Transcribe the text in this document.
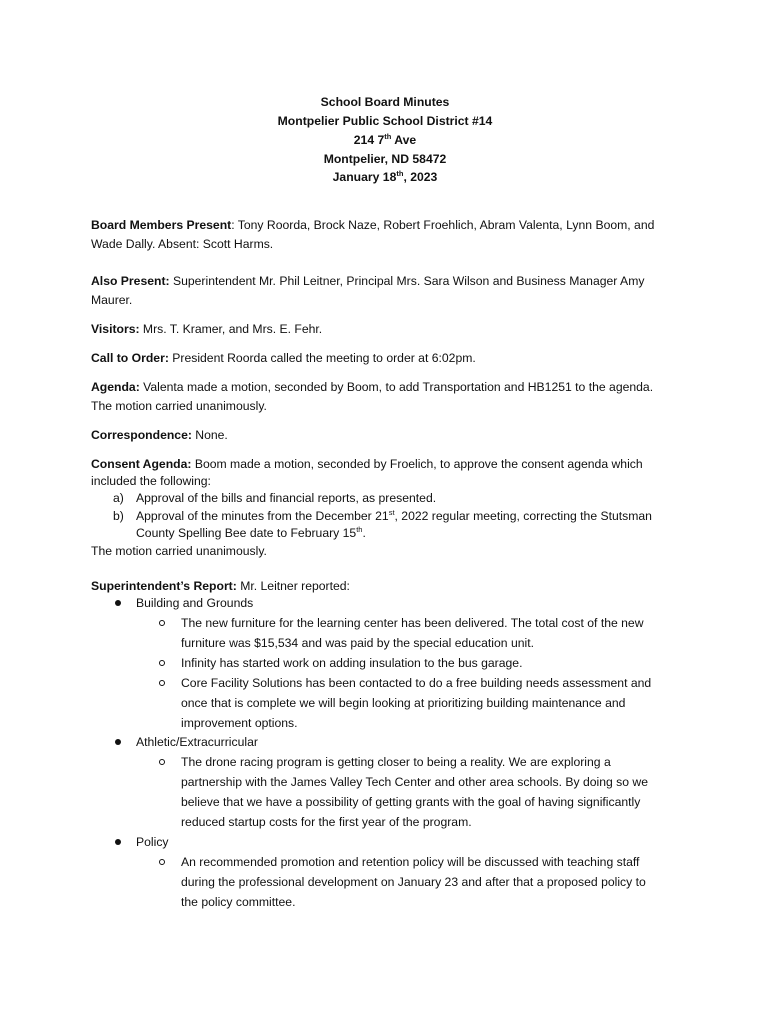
School Board Minutes
Montpelier Public School District #14
214 7th Ave
Montpelier, ND 58472
January 18th, 2023
Board Members Present: Tony Roorda, Brock Naze, Robert Froehlich, Abram Valenta, Lynn Boom, and
Wade Dally. Absent: Scott Harms.
Also Present: Superintendent Mr. Phil Leitner, Principal Mrs. Sara Wilson and Business Manager Amy
Maurer.
Visitors: Mrs. T. Kramer, and Mrs. E. Fehr.
Call to Order: President Roorda called the meeting to order at 6:02pm.
Agenda: Valenta made a motion, seconded by Boom, to add Transportation and HB1251 to the agenda.
The motion carried unanimously.
Correspondence: None.
Consent Agenda: Boom made a motion, seconded by Froelich, to approve the consent agenda which
included the following:
a) Approval of the bills and financial reports, as presented.
b) Approval of the minutes from the December 21st, 2022 regular meeting, correcting the Stutsman
County Spelling Bee date to February 15th.
The motion carried unanimously.
Superintendent’s Report: Mr. Leitner reported:
Building and Grounds
The new furniture for the learning center has been delivered. The total cost of the new
furniture was $15,534 and was paid by the special education unit.
Infinity has started work on adding insulation to the bus garage.
Core Facility Solutions has been contacted to do a free building needs assessment and
once that is complete we will begin looking at prioritizing building maintenance and
improvement options.
Athletic/Extracurricular
The drone racing program is getting closer to being a reality. We are exploring a
partnership with the James Valley Tech Center and other area schools. By doing so we
believe that we have a possibility of getting grants with the goal of having significantly
reduced startup costs for the first year of the program.
Policy
An recommended promotion and retention policy will be discussed with teaching staff
during the professional development on January 23 and after that a proposed policy to
the policy committee.
